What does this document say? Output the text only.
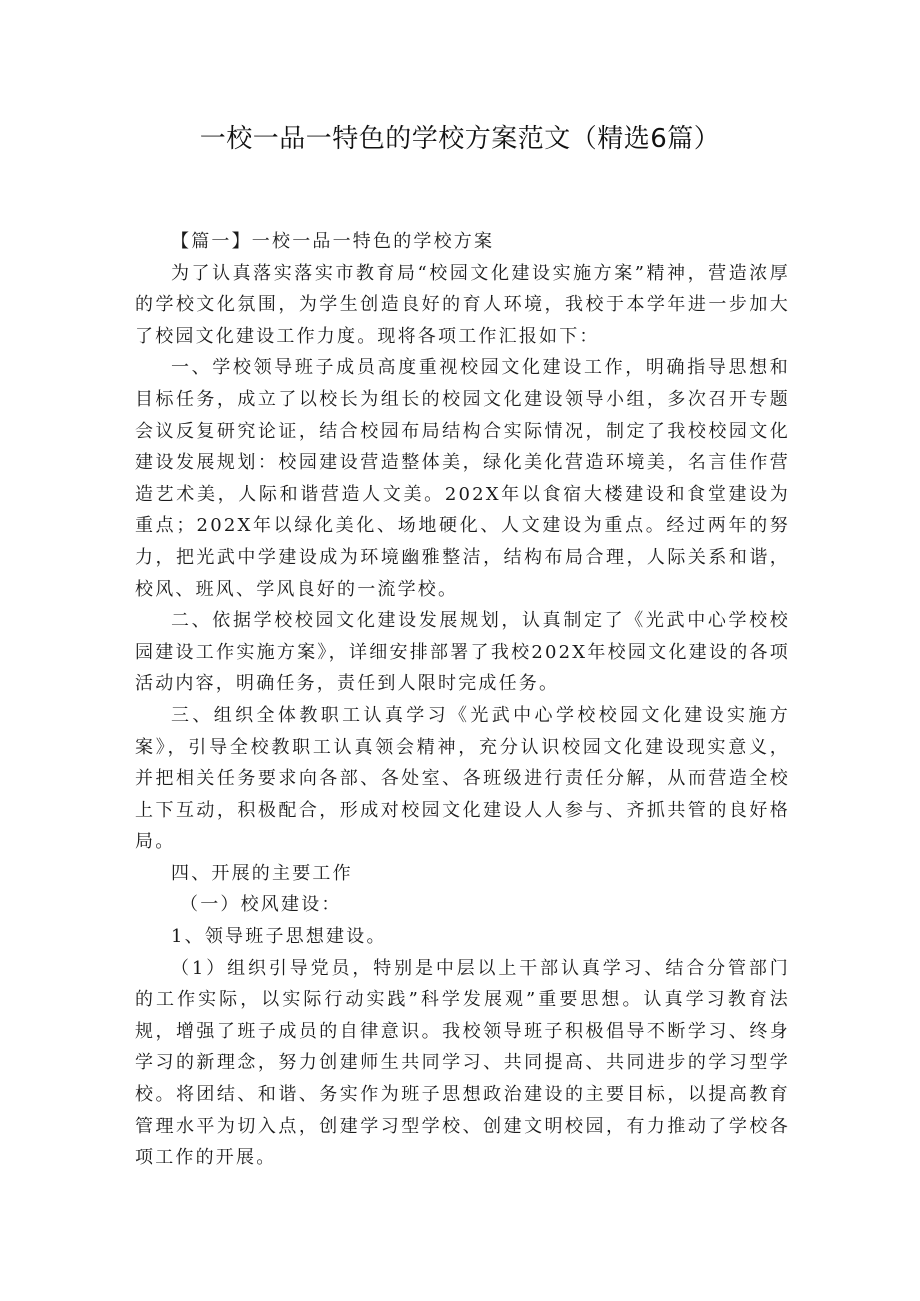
一校一品一特色的学校方案范文（精选6篇）

【篇一】一校一品一特色的学校方案

为了认真落实落实市教育局“校园文化建设实施方案”精神，营造浓厚的学校文化氛围，为学生创造良好的育人环境，我校于本学年进一步加大了校园文化建设工作力度。现将各项工作汇报如下：

一、学校领导班子成员高度重视校园文化建设工作，明确指导思想和目标任务，成立了以校长为组长的校园文化建设领导小组，多次召开专题会议反复研究论证，结合校园布局结构合实际情况，制定了我校校园文化建设发展规划：校园建设营造整体美，绿化美化营造环境美，名言佳作营造艺术美，人际和谐营造人文美。202X年以食宿大楼建设和食堂建设为重点；202X年以绿化美化、场地硬化、人文建设为重点。经过两年的努力，把光武中学建设成为环境幽雅整洁，结构布局合理，人际关系和谐，校风、班风、学风良好的一流学校。

二、依据学校校园文化建设发展规划，认真制定了《光武中心学校校园建设工作实施方案》，详细安排部署了我校202X年校园文化建设的各项活动内容，明确任务，责任到人限时完成任务。

三、组织全体教职工认真学习《光武中心学校校园文化建设实施方案》，引导全校教职工认真领会精神，充分认识校园文化建设现实意义，并把相关任务要求向各部、各处室、各班级进行责任分解，从而营造全校上下互动，积极配合，形成对校园文化建设人人参与、齐抓共管的良好格局。

四、开展的主要工作

（一）校风建设：

1、领导班子思想建设。

（1）组织引导党员，特别是中层以上干部认真学习、结合分管部门的工作实际，以实际行动实践”科学发展观”重要思想。认真学习教育法规，增强了班子成员的自律意识。我校领导班子积极倡导不断学习、终身学习的新理念，努力创建师生共同学习、共同提高、共同进步的学习型学校。将团结、和谐、务实作为班子思想政治建设的主要目标，以提高教育管理水平为切入点，创建学习型学校、创建文明校园，有力推动了学校各项工作的开展。
